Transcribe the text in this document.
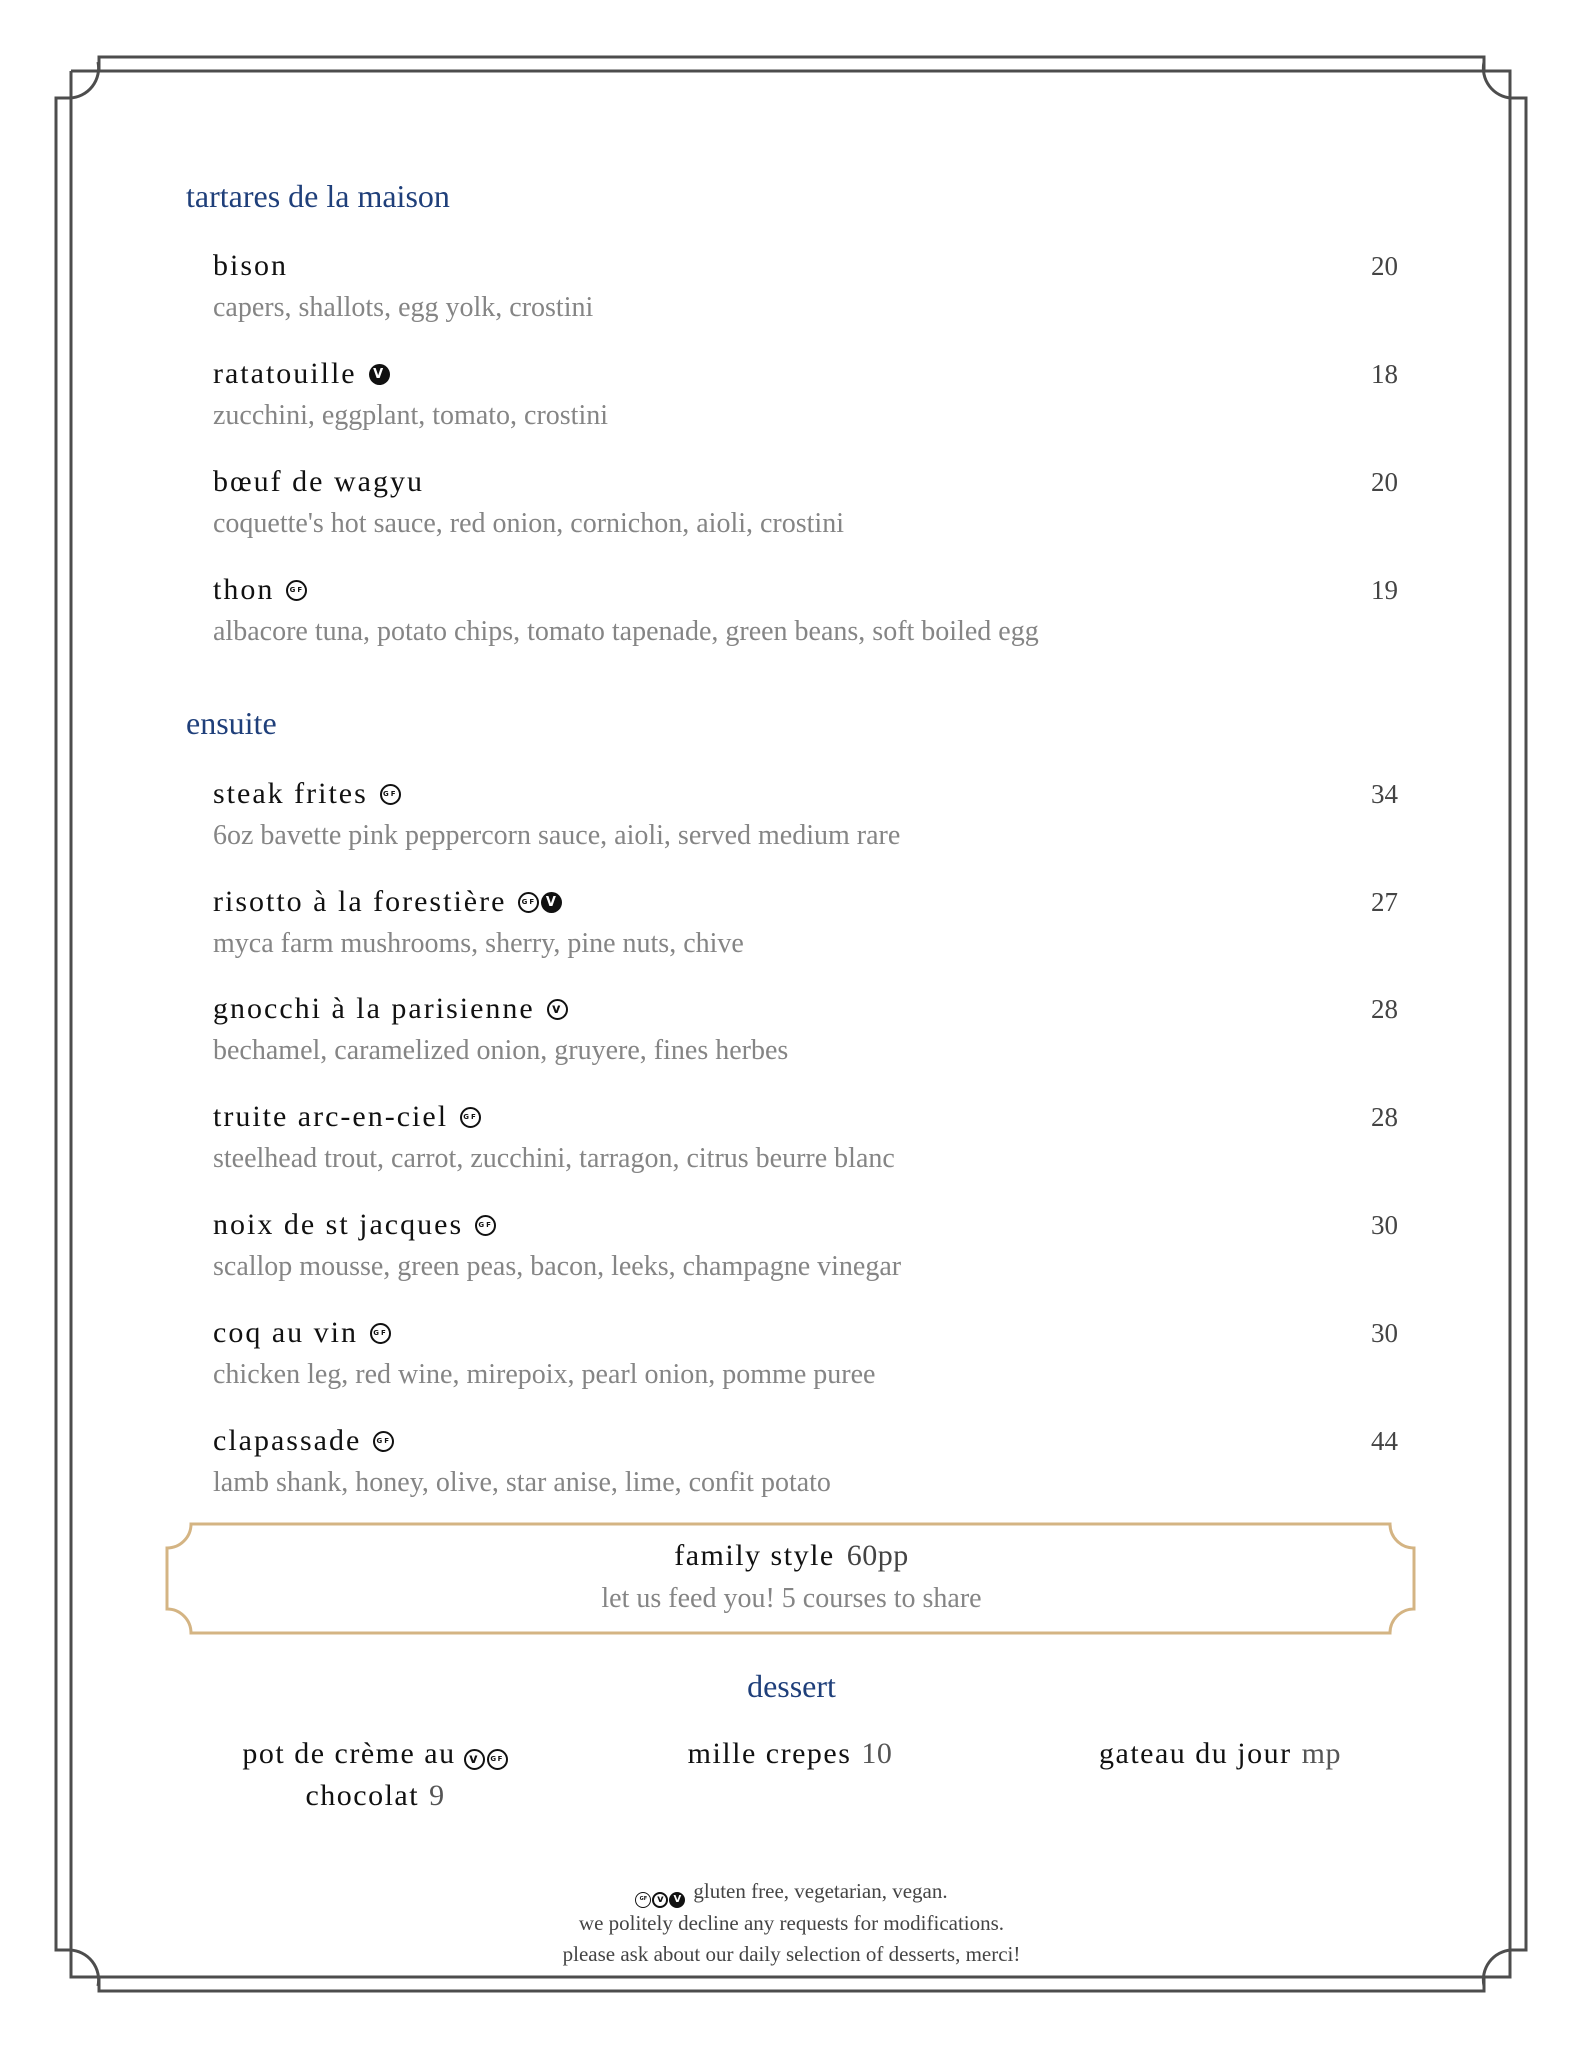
tartares de la maison
bison
capers, shallots, egg yolk, crostini
20
ratatouille	V
zucchini, eggplant, tomato, crostini
18
bœuf de wagyu
coquette's hot sauce, red onion, cornichon, aioli, crostini
20
thon	GF
albacore tuna, potato chips, tomato tapenade, green beans, soft boiled egg
19
ensuite
steak frites	GF
6oz bavette pink peppercorn sauce, aioli, served medium rare
34
risotto à la forestière	GF V
myca farm mushrooms, sherry, pine nuts, chive
27
gnocchi à la parisienne	v
bechamel, caramelized onion, gruyere, fines herbes
28
truite arc-en-ciel	GF
steelhead trout, carrot, zucchini, tarragon, citrus beurre blanc
28
noix de st jacques	GF
scallop mousse, green peas, bacon, leeks, champagne vinegar
30
coq au vin	GF
chicken leg, red wine, mirepoix, pearl onion, pomme puree
30
clapassade	GF
lamb shank, honey, olive, star anise, lime, confit potato
44
family style 60pp
let us feed you! 5 courses to share
dessert
pot de crème au	v	GF
chocolat 9
mille crepes 10	gateau du jour mp
GF v V gluten free, vegetarian, vegan.
we politely decline any requests for modifications.
please ask about our daily selection of desserts, merci!
